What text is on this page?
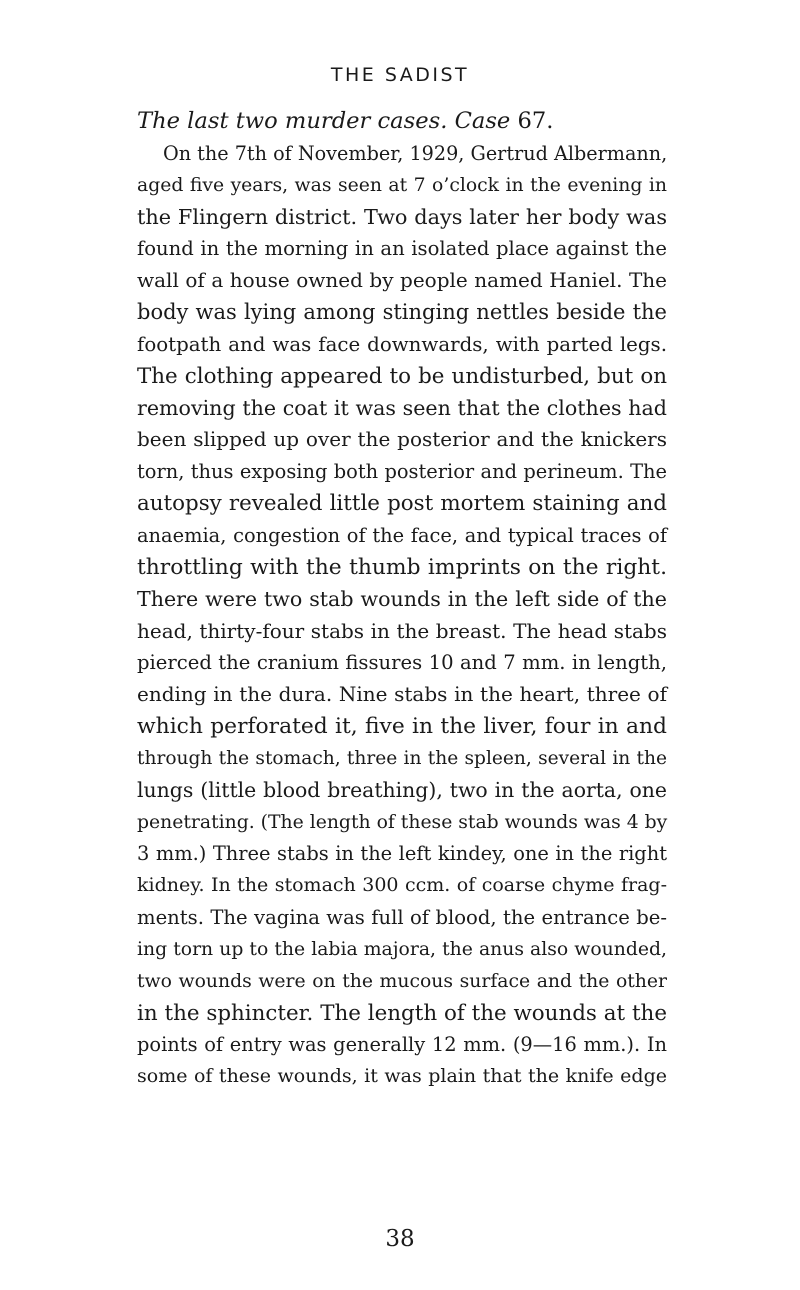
THE SADIST
The last two murder cases. Case 67.
On the 7th of November, 1929, Gertrud Albermann,
aged five years, was seen at 7 o’clock in the evening in
the Flingern district. Two days later her body was
found in the morning in an isolated place against the
wall of a house owned by people named Haniel. The
body was lying among stinging nettles beside the
footpath and was face downwards, with parted legs.
The clothing appeared to be undisturbed, but on
removing the coat it was seen that the clothes had
been slipped up over the posterior and the knickers
torn, thus exposing both posterior and perineum. The
autopsy revealed little post mortem staining and
anaemia, congestion of the face, and typical traces of
throttling with the thumb imprints on the right.
There were two stab wounds in the left side of the
head, thirty-four stabs in the breast. The head stabs
pierced the cranium fissures 10 and 7 mm. in length,
ending in the dura. Nine stabs in the heart, three of
which perforated it, five in the liver, four in and
through the stomach, three in the spleen, several in the
lungs (little blood breathing), two in the aorta, one
penetrating. (The length of these stab wounds was 4 by
3 mm.) Three stabs in the left kindey, one in the right
kidney. In the stomach 300 ccm. of coarse chyme frag-
ments. The vagina was full of blood, the entrance be-
ing torn up to the labia majora, the anus also wounded,
two wounds were on the mucous surface and the other
in the sphincter. The length of the wounds at the
points of entry was generally 12 mm. (9—16 mm.). In
some of these wounds, it was plain that the knife edge
38
